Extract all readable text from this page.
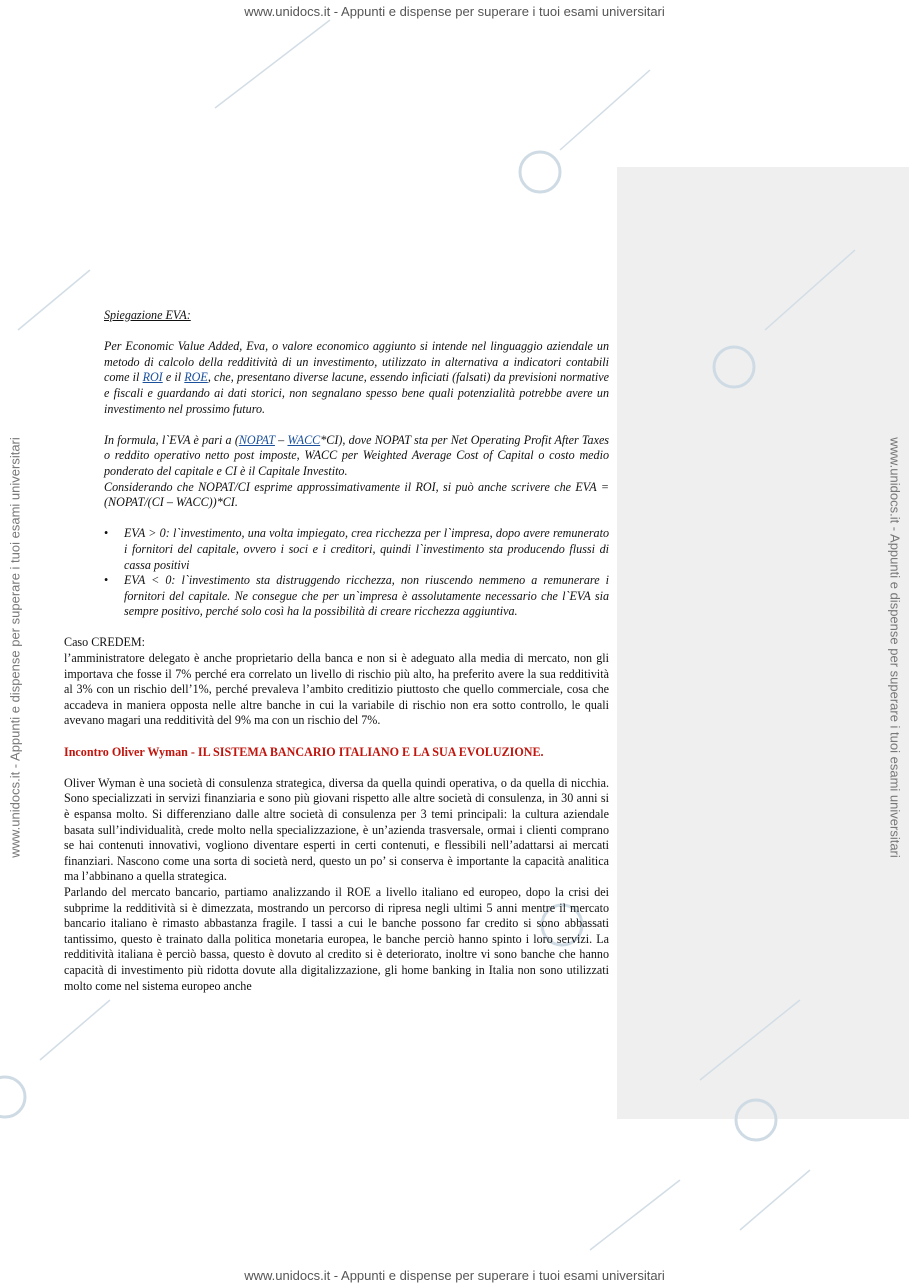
www.unidocs.it - Appunti e dispense per superare i tuoi esami universitari
www.unidocs.it - Appunti e dispense per superare i tuoi esami universitari
www.unidocs.it - Appunti e dispense per superare i tuoi esami universitari	www.unidocs.it - Appunti e dispense per superare i tuoi esami universitari

Spiegazione EVA:

Per Economic Value Added, Eva, o valore economico aggiunto si intende nel linguaggio aziendale un metodo di calcolo della redditività di un investimento, utilizzato in alternativa a indicatori contabili come il ROI e il ROE, che, presentano diverse lacune, essendo inficiati (falsati) da previsioni normative e fiscali e guardando ai dati storici, non segnalano spesso bene quali potenzialità potrebbe avere un investimento nel prossimo futuro.

In formula, l`EVA è pari a (NOPAT – WACC*CI), dove NOPAT sta per Net Operating Profit After Taxes o reddito operativo netto post imposte, WACC per Weighted Average Cost of Capital o costo medio ponderato del capitale e CI è il Capitale Investito.

Considerando che NOPAT/CI esprime approssimativamente il ROI, si può anche scrivere che EVA = (NOPAT/(CI – WACC))*CI.

• EVA > 0: l`investimento, una volta impiegato, crea ricchezza per l`impresa, dopo avere remunerato i fornitori del capitale, ovvero i soci e i creditori, quindi l`investimento sta producendo flussi di cassa positivi
• EVA < 0: l`investimento sta distruggendo ricchezza, non riuscendo nemmeno a remunerare i fornitori del capitale. Ne consegue che per un`impresa è assolutamente necessario che l`EVA sia sempre positivo, perché solo così ha la possibilità di creare ricchezza aggiuntiva.

Caso CREDEM:

l’amministratore delegato è anche proprietario della banca e non si è adeguato alla media di mercato, non gli importava che fosse il 7% perché era correlato un livello di rischio più alto, ha preferito avere la sua redditività al 3% con un rischio dell’1%, perché prevaleva l’ambito creditizio piuttosto che quello commerciale, cosa che accadeva in maniera opposta nelle altre banche in cui la variabile di rischio non era sotto controllo, le quali avevano magari una redditività del 9% ma con un rischio del 7%.

Incontro Oliver Wyman - IL SISTEMA BANCARIO ITALIANO E LA SUA EVOLUZIONE.

Oliver Wyman è una società di consulenza strategica, diversa da quella quindi operativa, o da quella di nicchia. Sono specializzati in servizi finanziaria e sono più giovani rispetto alle altre società di consulenza, in 30 anni si è espansa molto. Si differenziano dalle altre società di consulenza per 3 temi principali: la cultura aziendale basata sull’individualità, crede molto nella specializzazione, è un’azienda trasversale, ormai i clienti comprano se hai contenuti innovativi, vogliono diventare esperti in certi contenuti, e flessibili nell’adattarsi ai mercati finanziari. Nascono come una sorta di società nerd, questo un po’ si conserva è importante la capacità analitica ma l’abbinano a quella strategica.

Parlando del mercato bancario, partiamo analizzando il ROE a livello italiano ed europeo, dopo la crisi dei subprime la redditività si è dimezzata, mostrando un percorso di ripresa negli ultimi 5 anni mentre il mercato bancario italiano è rimasto abbastanza fragile. I tassi a cui le banche possono far credito si sono abbassati tantissimo, questo è trainato dalla politica monetaria europea, le banche perciò hanno spinto i loro servizi. La redditività italiana è perciò bassa, questo è dovuto al credito si è deteriorato, inoltre vi sono banche che hanno capacità di investimento più ridotta dovute alla digitalizzazione, gli home banking in Italia non sono utilizzati molto come nel sistema europeo anche
